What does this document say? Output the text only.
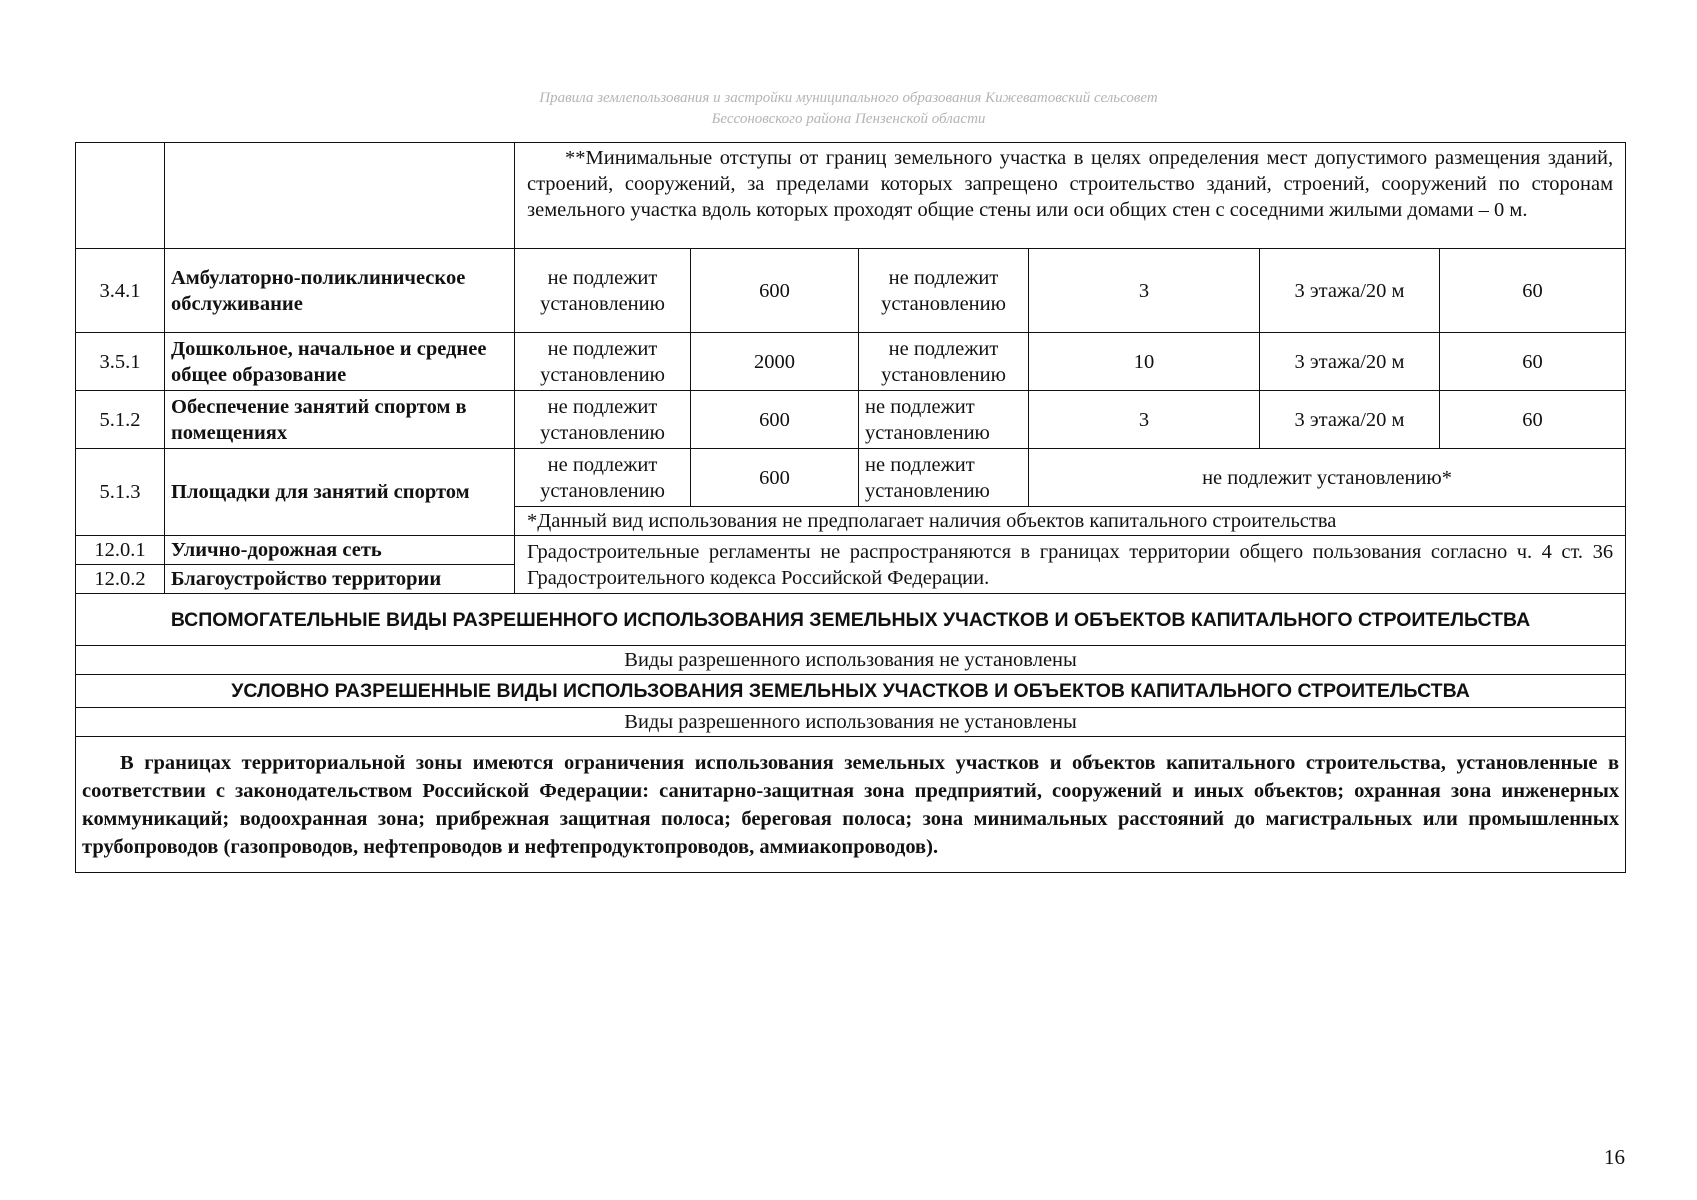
Правила землепользования и застройки муниципального образования Кижеватовский сельсовет
Бессоновского района Пензенской области
		**Минимальные отступы от границ земельного участка в целях определения мест допустимого размещения зданий, строений, сооружений, за пределами которых запрещено строительство зданий, строений, сооружений по сторонам земельного участка вдоль которых проходят общие стены или оси общих стен с соседними жилыми домами – 0 м.					
3.4.1	Амбулаторно-поликлиническое обслуживание	не подлежит установлению	600	не подлежит установлению	3	3 этажа/20 м	60
3.5.1	Дошкольное, начальное и среднее общее образование	не подлежит установлению	2000	не подлежит установлению	10	3 этажа/20 м	60
5.1.2	Обеспечение занятий спортом в помещениях	не подлежит установлению	600	не подлежит установлению	3	3 этажа/20 м	60
5.1.3	Площадки для занятий спортом	не подлежит установлению	600	не подлежит установлению	не подлежит установлению*		
		*Данный вид использования не предполагает наличия объектов капитального строительства					
12.0.1	Улично-дорожная сеть	Градостроительные регламенты не распространяются в границах территории общего пользования согласно ч. 4 ст. 36 Градостроительного кодекса Российской Федерации.					
12.0.2	Благоустройство территории						
ВСПОМОГАТЕЛЬНЫЕ ВИДЫ РАЗРЕШЕННОГО ИСПОЛЬЗОВАНИЯ ЗЕМЕЛЬНЫХ УЧАСТКОВ И ОБЪЕКТОВ КАПИТАЛЬНОГО СТРОИТЕЛЬСТВА							
Виды разрешенного использования не установлены							
УСЛОВНО РАЗРЕШЕННЫЕ ВИДЫ ИСПОЛЬЗОВАНИЯ ЗЕМЕЛЬНЫХ УЧАСТКОВ И ОБЪЕКТОВ КАПИТАЛЬНОГО СТРОИТЕЛЬСТВА							
Виды разрешенного использования не установлены							
В границах территориальной зоны имеются ограничения использования земельных участков и объектов капитального строительства, установленные в соответствии с законодательством Российской Федерации: санитарно-защитная зона предприятий, сооружений и иных объектов; охранная зона инженерных коммуникаций; водоохранная зона; прибрежная защитная полоса; береговая полоса; зона минимальных расстояний до магистральных или промышленных трубопроводов (газопроводов, нефтепроводов и нефтепродуктопроводов, аммиакопроводов).							
16
